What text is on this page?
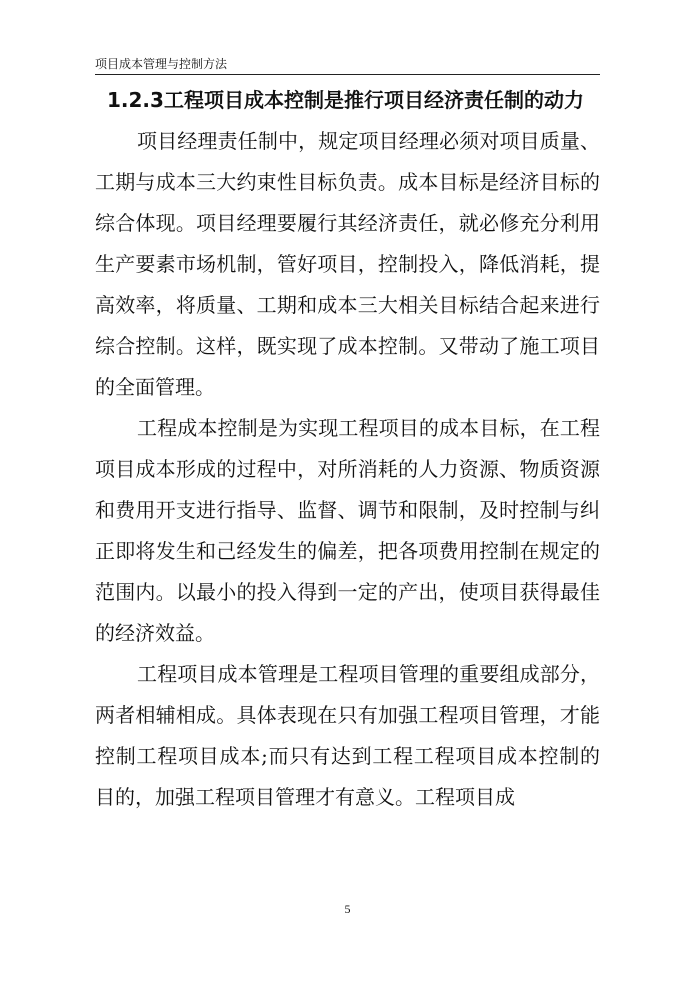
项目成本管理与控制方法
1.2.3工程项目成本控制是推行项目经济责任制的动力

项目经理责任制中，规定项目经理必须对项目质量、工期与成本三大约束性目标负责。成本目标是经济目标的综合体现。项目经理要履行其经济责任，就必修充分利用生产要素市场机制，管好项目，控制投入，降低消耗，提高效率，将质量、工期和成本三大相关目标结合起来进行综合控制。这样，既实现了成本控制。又带动了施工项目的全面管理。

工程成本控制是为实现工程项目的成本目标，在工程项目成本形成的过程中，对所消耗的人力资源、物质资源和费用开支进行指导、监督、调节和限制，及时控制与纠正即将发生和己经发生的偏差，把各项费用控制在规定的范围内。以最小的投入得到一定的产出，使项目获得最佳的经济效益。

工程项目成本管理是工程项目管理的重要组成部分，两者相辅相成。具体表现在只有加强工程项目管理，才能控制工程项目成本;而只有达到工程工程项目成本控制的目的，加强工程项目管理才有意义。工程项目成

5
